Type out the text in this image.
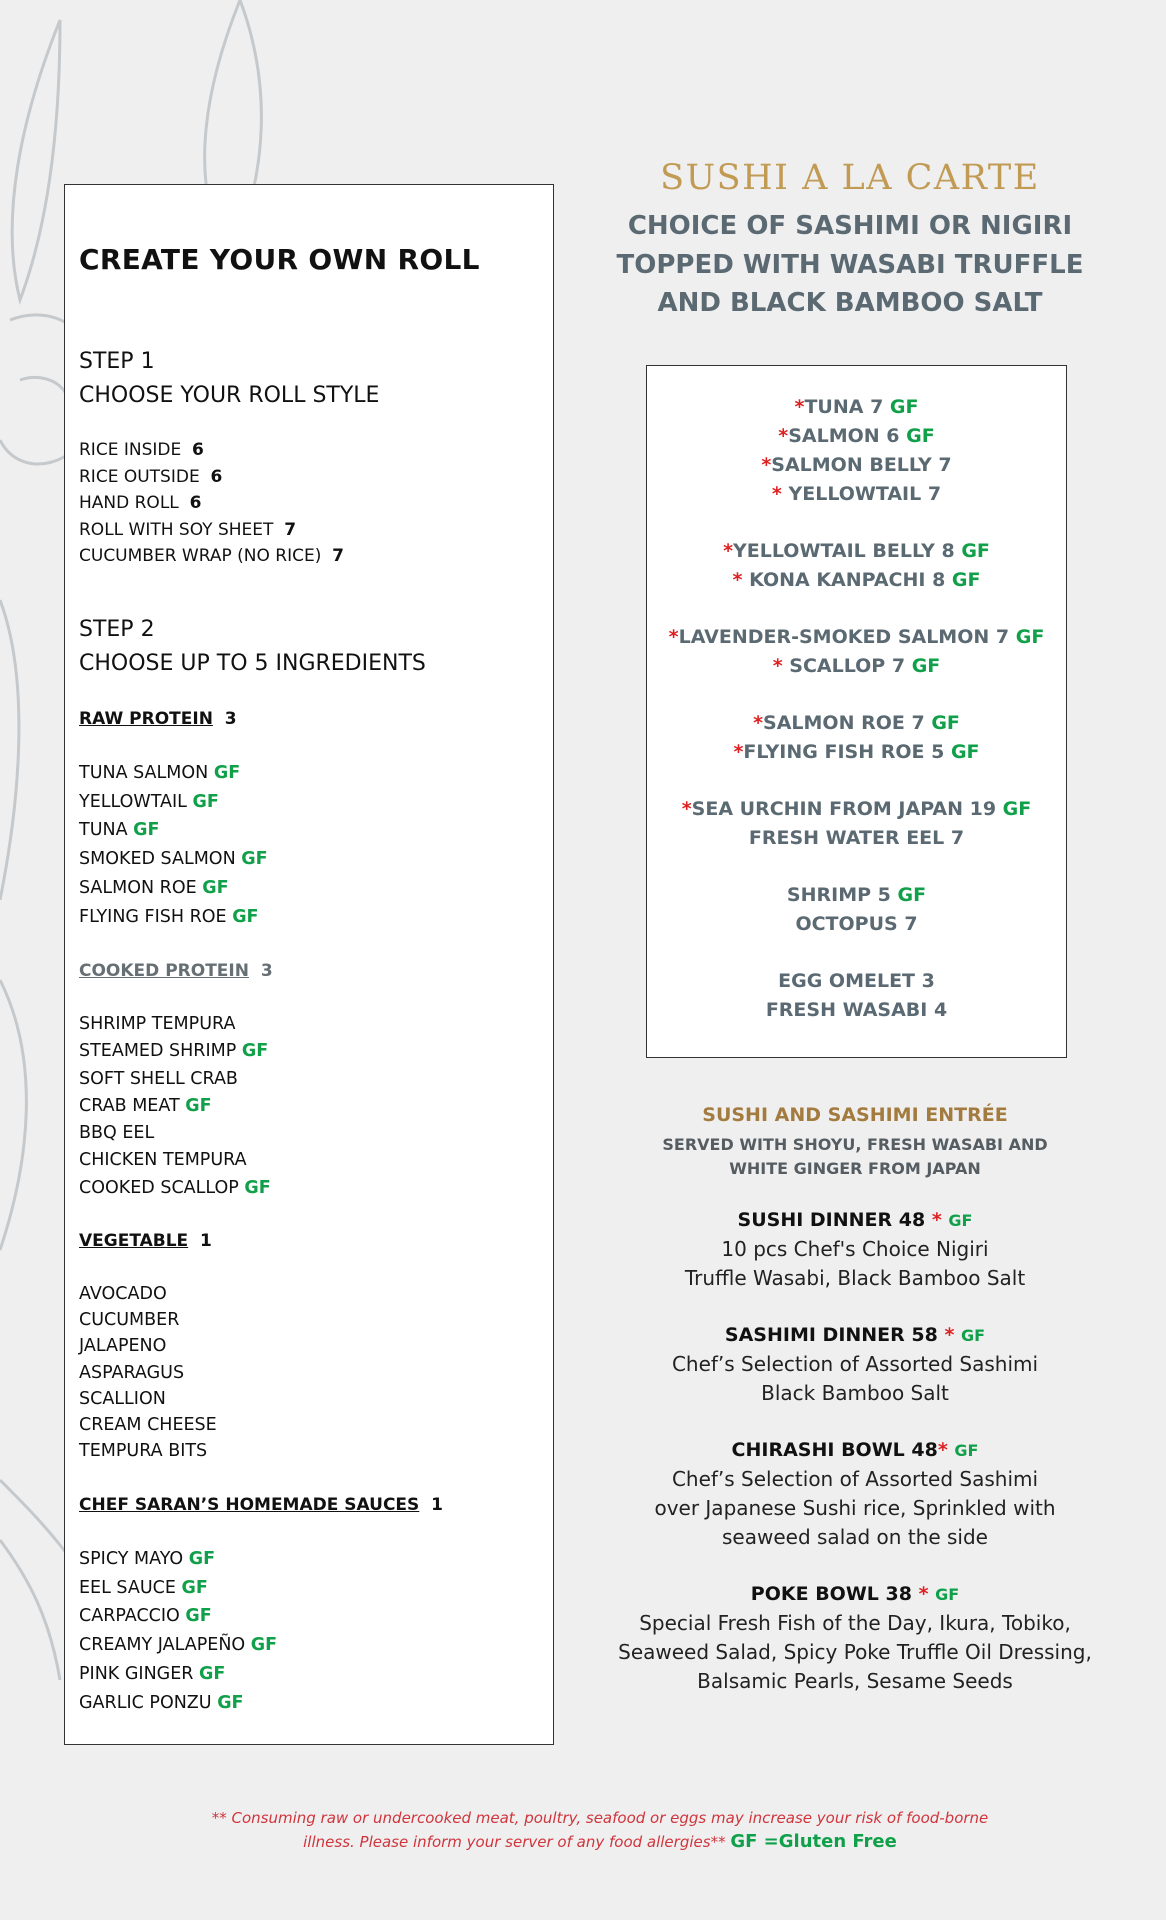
CREATE YOUR OWN ROLL
STEP 1
CHOOSE YOUR ROLL STYLE
RICE INSIDE 6
RICE OUTSIDE 6
HAND ROLL 6
ROLL WITH SOY SHEET 7
CUCUMBER WRAP (NO RICE) 7
STEP 2
CHOOSE UP TO 5 INGREDIENTS
RAW PROTEIN 3
TUNA SALMON GF
YELLOWTAIL GF
TUNA GF
SMOKED SALMON GF
SALMON ROE GF
FLYING FISH ROE GF
COOKED PROTEIN 3
SHRIMP TEMPURA
STEAMED SHRIMP GF
SOFT SHELL CRAB
CRAB MEAT GF
BBQ EEL
CHICKEN TEMPURA
COOKED SCALLOP GF
VEGETABLE 1
AVOCADO
CUCUMBER
JALAPENO
ASPARAGUS
SCALLION
CREAM CHEESE
TEMPURA BITS
CHEF SARAN’S HOMEMADE SAUCES 1
SPICY MAYO GF
EEL SAUCE GF
CARPACCIO GF
CREAMY JALAPEÑO GF
PINK GINGER GF
GARLIC PONZU GF
SUSHI A LA CARTE
CHOICE OF SASHIMI OR NIGIRI
TOPPED WITH WASABI TRUFFLE
AND BLACK BAMBOO SALT
*TUNA 7 GF
*SALMON 6 GF
*SALMON BELLY 7
* YELLOWTAIL 7
*YELLOWTAIL BELLY 8 GF
* KONA KANPACHI 8 GF
*LAVENDER-SMOKED SALMON 7 GF
* SCALLOP 7 GF
*SALMON ROE 7 GF
*FLYING FISH ROE 5 GF
*SEA URCHIN FROM JAPAN 19 GF
FRESH WATER EEL 7
SHRIMP 5 GF
OCTOPUS 7
EGG OMELET 3
FRESH WASABI 4
SUSHI AND SASHIMI ENTRÉE
SERVED WITH SHOYU, FRESH WASABI AND
WHITE GINGER FROM JAPAN
SUSHI DINNER 48 * GF
10 pcs Chef's Choice Nigiri
Truffle Wasabi, Black Bamboo Salt
SASHIMI DINNER 58 * GF
Chef’s Selection of Assorted Sashimi
Black Bamboo Salt
CHIRASHI BOWL 48* GF
Chef’s Selection of Assorted Sashimi
over Japanese Sushi rice, Sprinkled with
seaweed salad on the side
POKE BOWL 38 * GF
Special Fresh Fish of the Day, Ikura, Tobiko,
Seaweed Salad, Spicy Poke Truffle Oil Dressing,
Balsamic Pearls, Sesame Seeds
** Consuming raw or undercooked meat, poultry, seafood or eggs may increase your risk of food-borne
illness. Please inform your server of any food allergies** GF =Gluten Free
